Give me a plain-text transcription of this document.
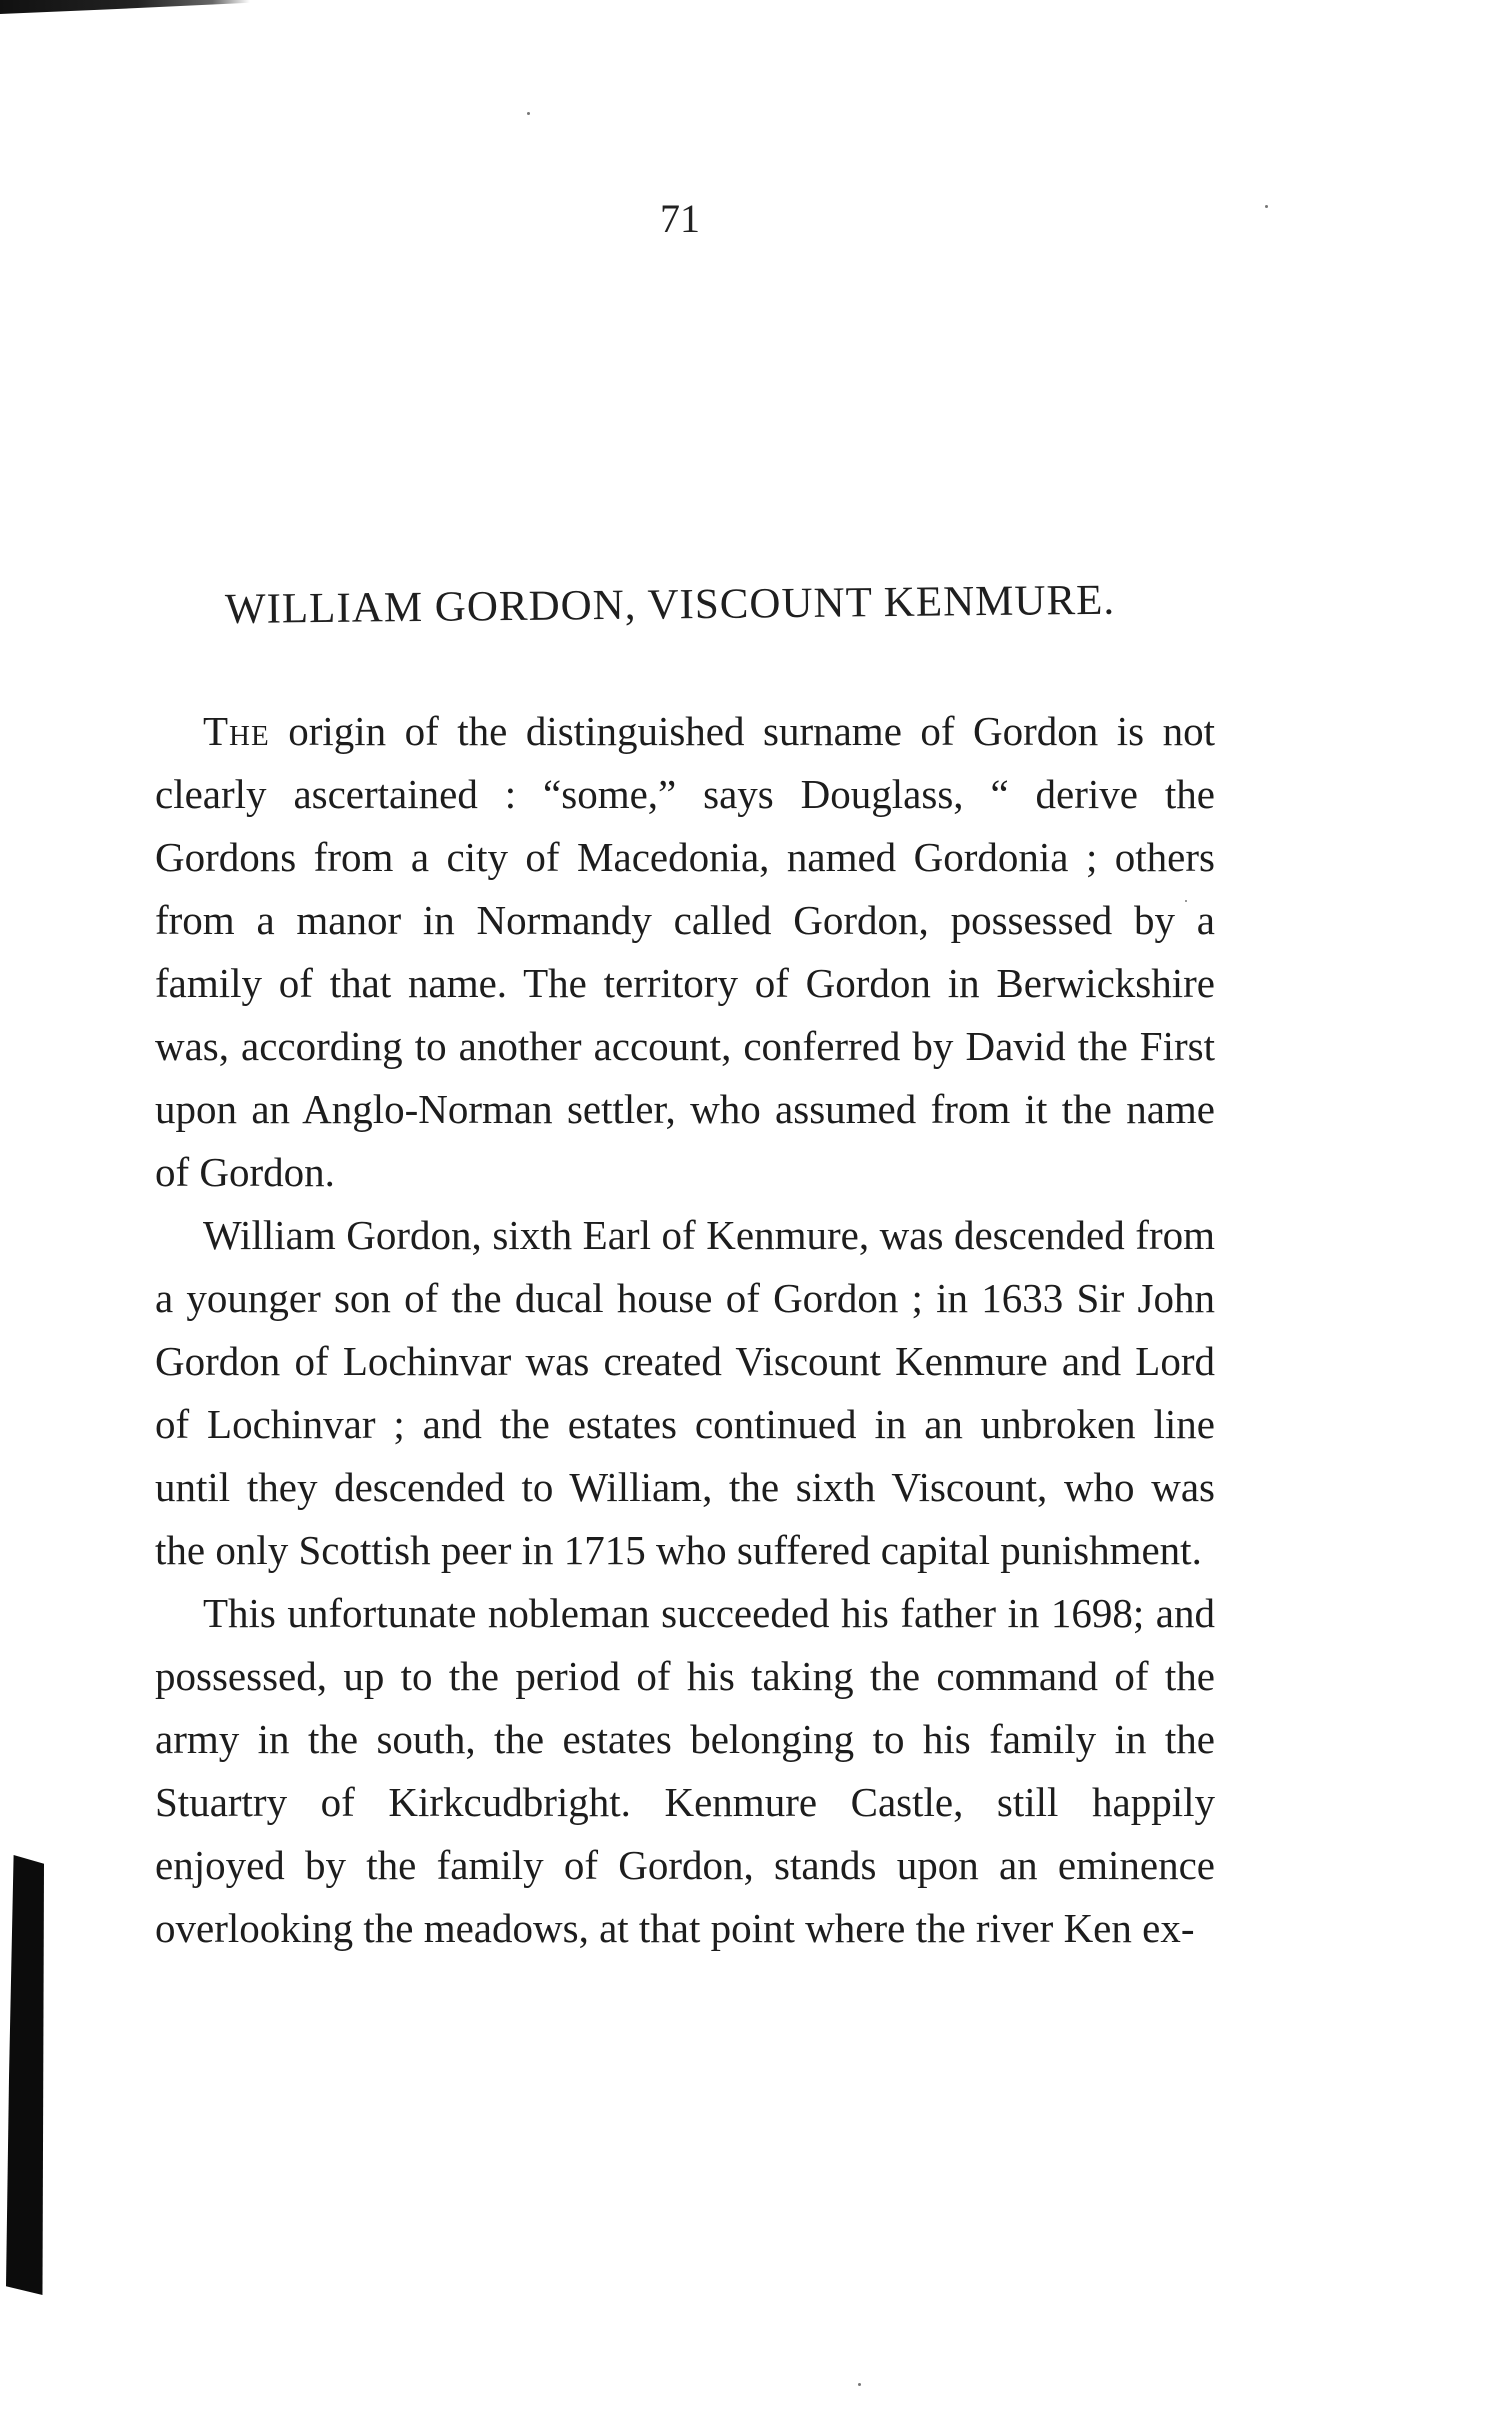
71
WILLIAM GORDON, VISCOUNT KENMURE.

The origin of the distinguished surname of Gordon is not clearly ascertained : “some,” says Douglass, “ derive the Gordons from a city of Macedonia, named Gordonia ; others from a manor in Normandy called Gordon, possessed by a family of that name. The territory of Gordon in Berwickshire was, according to another account, conferred by David the First upon an Anglo-Norman settler, who assumed from it the name of Gordon.

William Gordon, sixth Earl of Kenmure, was descended from a younger son of the ducal house of Gordon ; in 1633 Sir John Gordon of Lochinvar was created Viscount Kenmure and Lord of Lochinvar ; and the estates continued in an unbroken line until they descended to William, the sixth Viscount, who was the only Scottish peer in 1715 who suffered capital punishment.

This unfortunate nobleman succeeded his father in 1698; and possessed, up to the period of his taking the command of the army in the south, the estates belonging to his family in the Stuartry of Kirkcudbright. Kenmure Castle, still happily enjoyed by the family of Gordon, stands upon an eminence overlooking the meadows, at that point where the river Ken ex-
